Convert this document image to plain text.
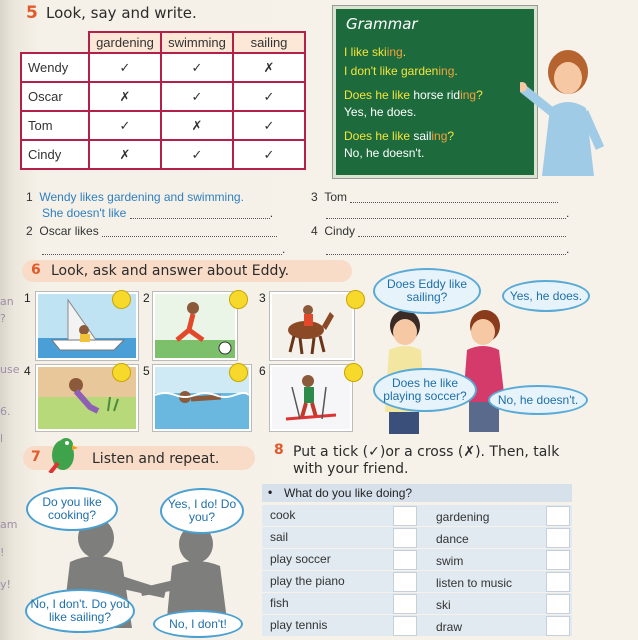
an
?
use
6.
l
am
!
y!
5 Look, say and write.
	gardening	swimming	sailing
Wendy	✓	✓	✗
Oscar	✗	✓	✓
Tom	✓	✗	✓
Cindy	✗	✓	✓
Grammar
I like skiing.
I don't like gardening.
Does he like horse riding?
Yes, he does.
Does he like sailing?
No, he doesn't.
1 Wendy likes gardening and swimming.
She doesn't like	.
2 Oscar likes
.
3 Tom
.
4 Cindy
.
6 Look, ask and answer about Eddy.
1	2	3
4	5	6
Does Eddy like sailing?	Yes, he does.
Does he like playing soccer?	No, he doesn't.
7	Listen and repeat.
Do you like cooking?
Yes, I do! Do you?
No, I don't. Do you like sailing?	No, I don't!
8 Put a tick (✓)or a cross (✗). Then, talk
with your friend.
• What do you like doing?
cook	gardening
sail	dance
play soccer	swim
play the piano	listen to music
fish	ski
play tennis	draw
